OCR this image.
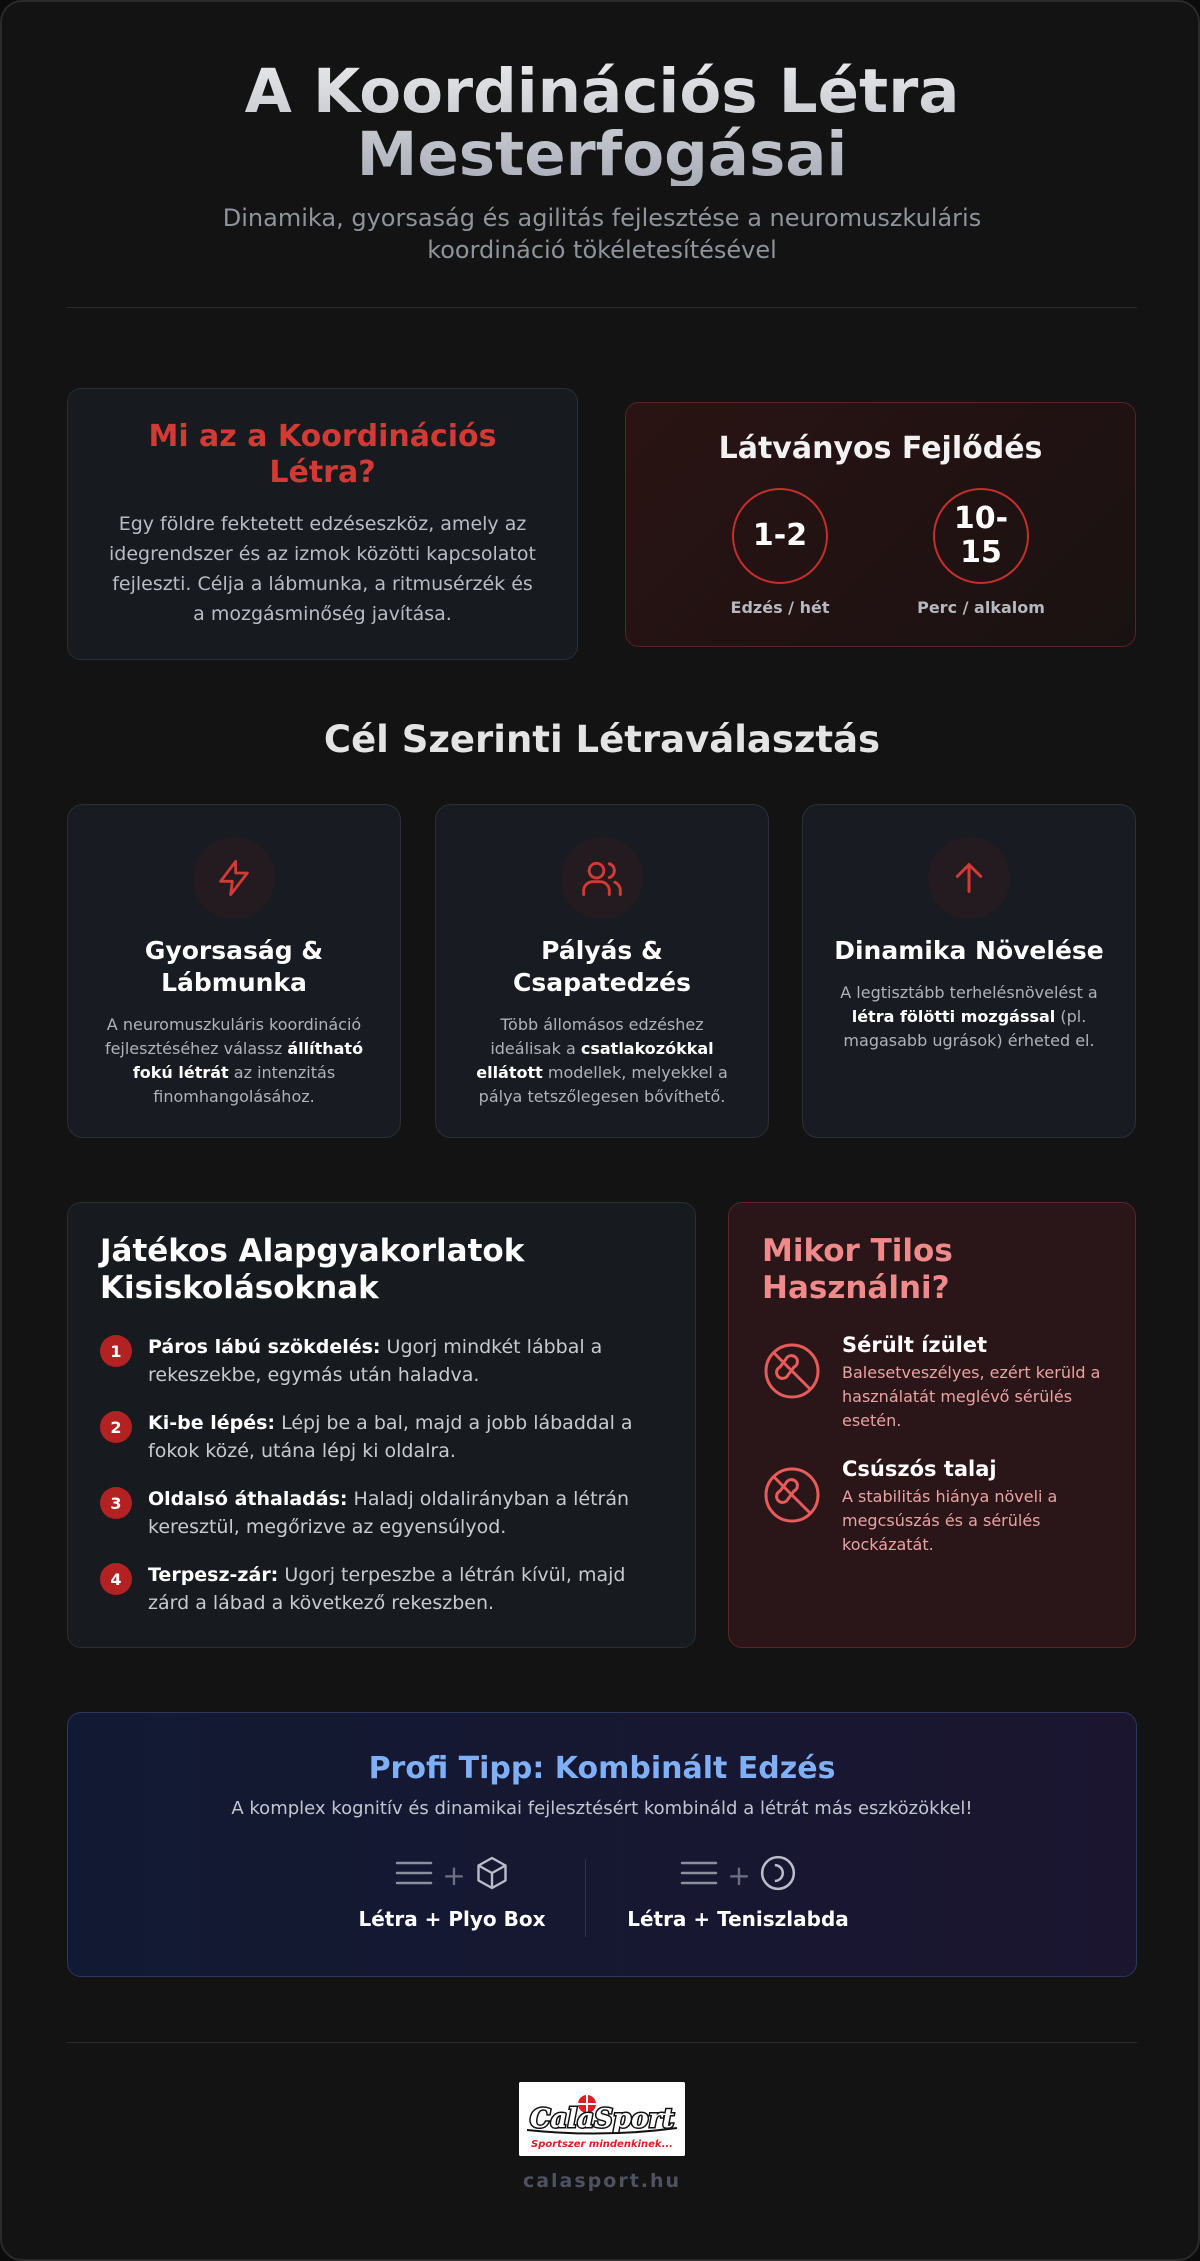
A Koordinációs Létra Mesterfogásai

Dinamika, gyorsaság és agilitás fejlesztése a neuromuszkuláris koordináció tökéletesítésével

Mi az a Koordinációs Létra?

Egy földre fektetett edzéseszköz, amely az idegrendszer és az izmok közötti kapcsolatot fejleszti. Célja a lábmunka, a ritmusérzék és a mozgásminőség javítása.

Látványos Fejlődés
1-2
Edzés / hét
10-15
Perc / alkalom
Cél Szerinti Létraválasztás
Gyorsaság & Lábmunka

A neuromuszkuláris koordináció fejlesztéséhez válassz állítható fokú létrát az intenzitás finomhangolásához.

Pályás & Csapatedzés

Több állomásos edzéshez ideálisak a csatlakozókkal ellátott modellek, melyekkel a pálya tetszőlegesen bővíthető.

Dinamika Növelése

A legtisztább terhelésnövelést a létra fölötti mozgással (pl. magasabb ugrások) érheted el.

Játékos Alapgyakorlatok Kisiskolásoknak
1	Páros lábú szökdelés: Ugorj mindkét lábbal a rekeszekbe, egymás után haladva.

2	Ki-be lépés: Lépj be a bal, majd a jobb lábaddal a fokok közé, utána lépj ki oldalra.

3	Oldalsó áthaladás: Haladj oldalirányban a létrán keresztül, megőrizve az egyensúlyod.

4	Terpesz-zár: Ugorj terpeszbe a létrán kívül, majd zárd a lábad a következő rekeszben.

Mikor Tilos Használni?
Sérült ízület
Balesetveszélyes, ezért kerüld a használatát meglévő sérülés esetén.
Csúszós talaj
A stabilitás hiánya növeli a megcsúszás és a sérülés kockázatát.
Profi Tipp: Kombinált Edzés

A komplex kognitív és dinamikai fejlesztésért kombináld a létrát más eszközökkel!

+
Létra + Plyo Box
+
Létra + Teniszlabda
CalaSport
Sportszer mindenkinek...
calasport.hu
